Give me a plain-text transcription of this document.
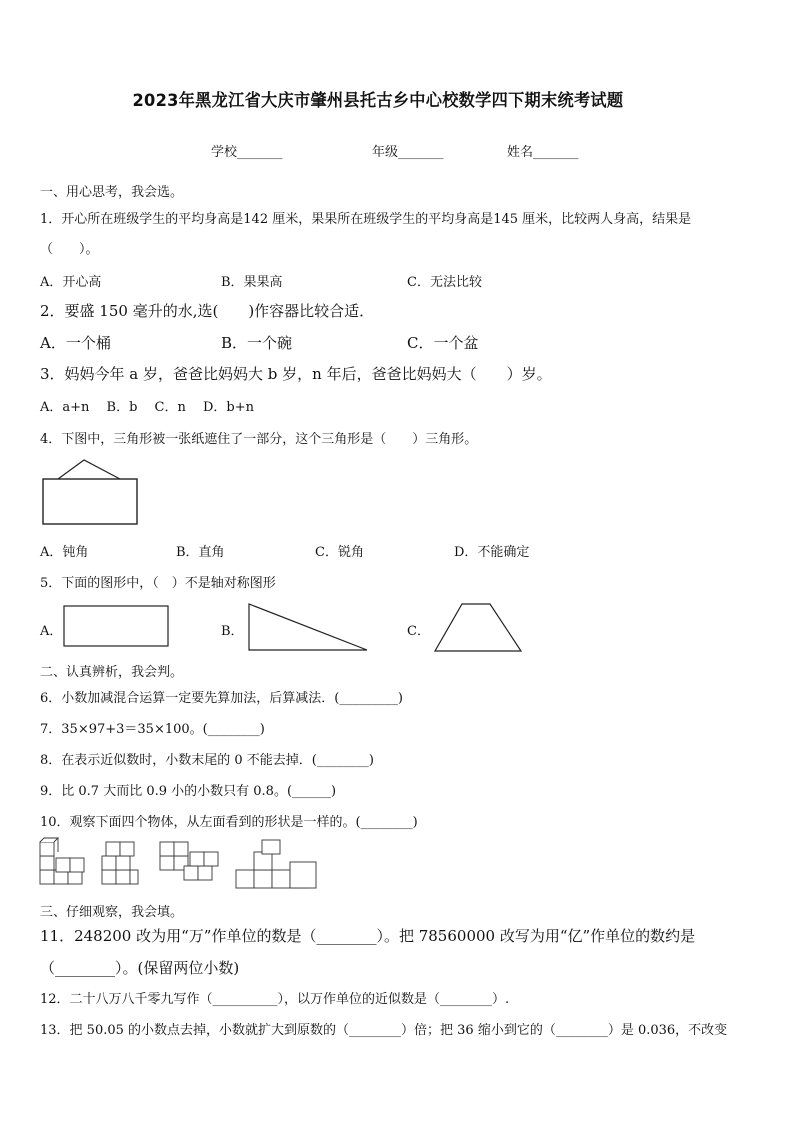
2023年黑龙江省大庆市肇州县托古乡中心校数学四下期末统考试题
学校_______	年级_______	姓名_______
一、用心思考，我会选。
1．开心所在班级学生的平均身高是142 厘米，果果所在班级学生的平均身高是145 厘米，比较两人身高，结果是
（　　）。
A．开心高	B．果果高	C．无法比较
2．要盛 150 毫升的水,选(　　)作容器比较合适．
A．一个桶	B．一个碗	C．一个盆
3．妈妈今年 a 岁，爸爸比妈妈大 b 岁，n 年后，爸爸比妈妈大（　　）岁。
A．a+n　 B．b　 C．n　 D．b+n
4．下图中，三角形被一张纸遮住了一部分，这个三角形是（　　）三角形。
A．钝角	B．直角	C．锐角	D．不能确定
5．下面的图形中，（　）不是轴对称图形
A．	B．	C．
二、认真辨析，我会判。
6．小数加减混合运算一定要先算加法，后算减法．(_________)
7．35×97+3＝35×100。(________)
8．在表示近似数时，小数末尾的 0 不能去掉．(________)
9．比 0.7 大而比 0.9 小的小数只有 0.8。(______)
10．观察下面四个物体，从左面看到的形状是一样的。(________)
三、仔细观察，我会填。
11．248200 改为用“万”作单位的数是（________）。把 78560000 改写为用“亿”作单位的数约是
（________）。(保留两位小数)
12．二十八万八千零九写作（__________），以万作单位的近似数是（________）.
13．把 50.05 的小数点去掉，小数就扩大到原数的（________）倍；把 36 缩小到它的（________）是 0.036，不改变
